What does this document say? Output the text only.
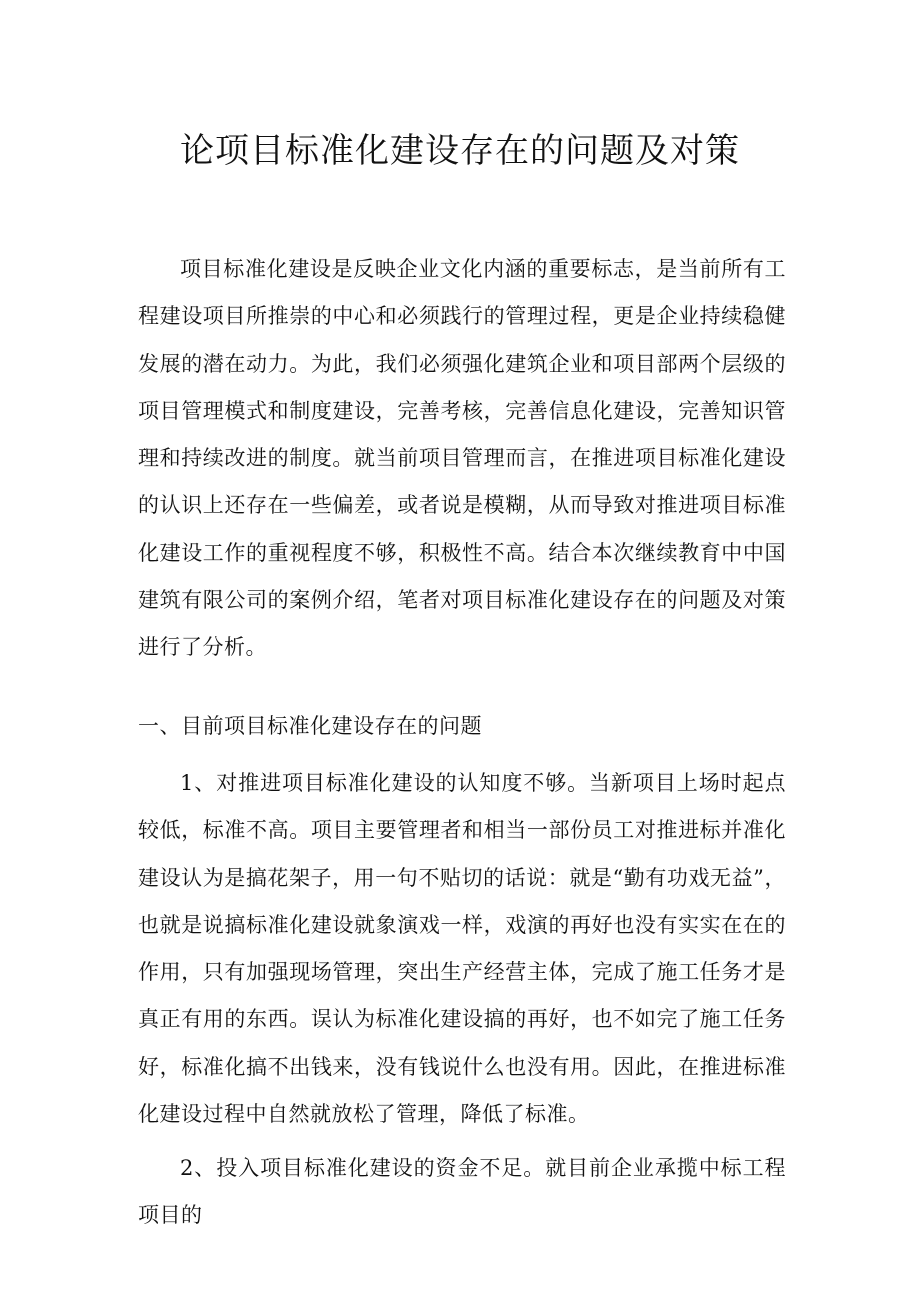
论项目标准化建设存在的问题及对策

项目标准化建设是反映企业文化内涵的重要标志，是当前所有工程建设项目所推崇的中心和必须践行的管理过程，更是企业持续稳健发展的潜在动力。为此，我们必须强化建筑企业和项目部两个层级的项目管理模式和制度建设，完善考核，完善信息化建设，完善知识管理和持续改进的制度。就当前项目管理而言，在推进项目标准化建设的认识上还存在一些偏差，或者说是模糊，从而导致对推进项目标准化建设工作的重视程度不够，积极性不高。结合本次继续教育中中国建筑有限公司的案例介绍，笔者对项目标准化建设存在的问题及对策进行了分析。

一、目前项目标准化建设存在的问题

1、对推进项目标准化建设的认知度不够。当新项目上场时起点较低，标准不高。项目主要管理者和相当一部份员工对推进标并准化建设认为是搞花架子，用一句不贴切的话说：就是“勤有功戏无益”，也就是说搞标准化建设就象演戏一样，戏演的再好也没有实实在在的作用，只有加强现场管理，突出生产经营主体，完成了施工任务才是真正有用的东西。误认为标准化建设搞的再好，也不如完了施工任务好，标准化搞不出钱来，没有钱说什么也没有用。因此，在推进标准化建设过程中自然就放松了管理，降低了标准。

2、投入项目标准化建设的资金不足。就目前企业承揽中标工程项目的
